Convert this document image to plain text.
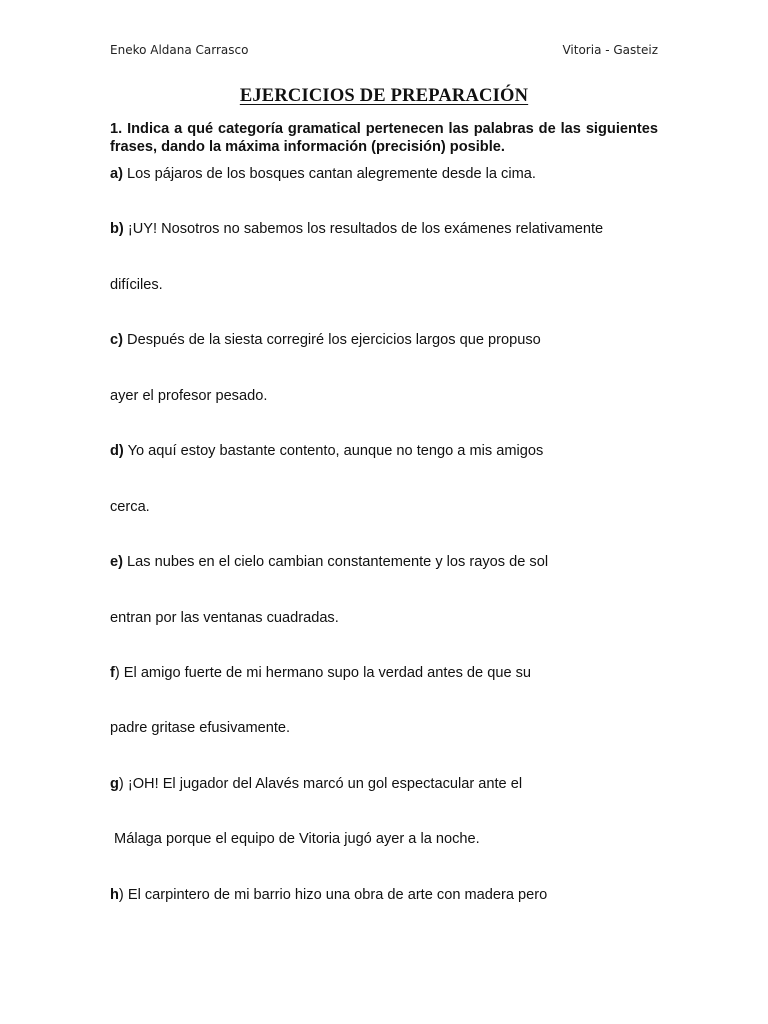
Eneko Aldana Carrasco	Vitoria - Gasteiz
EJERCICIOS DE PREPARACIÓN
1. Indica a qué categoría gramatical pertenecen las palabras de las siguientes frases, dando la máxima información (precisión) posible.
a) Los pájaros de los bosques cantan alegremente desde la cima.
b) ¡UY! Nosotros no sabemos los resultados de los exámenes relativamente
difíciles.
c) Después de la siesta corregiré los ejercicios largos que propuso
ayer el profesor pesado.
d) Yo aquí estoy bastante contento, aunque no tengo a mis amigos
cerca.
e) Las nubes en el cielo cambian constantemente y los rayos de sol
entran por las ventanas cuadradas.
f) El amigo fuerte de mi hermano supo la verdad antes de que su
padre gritase efusivamente.
g) ¡OH! El jugador del Alavés marcó un gol espectacular ante el
Málaga porque el equipo de Vitoria jugó ayer a la noche.
h) El carpintero de mi barrio hizo una obra de arte con madera pero
